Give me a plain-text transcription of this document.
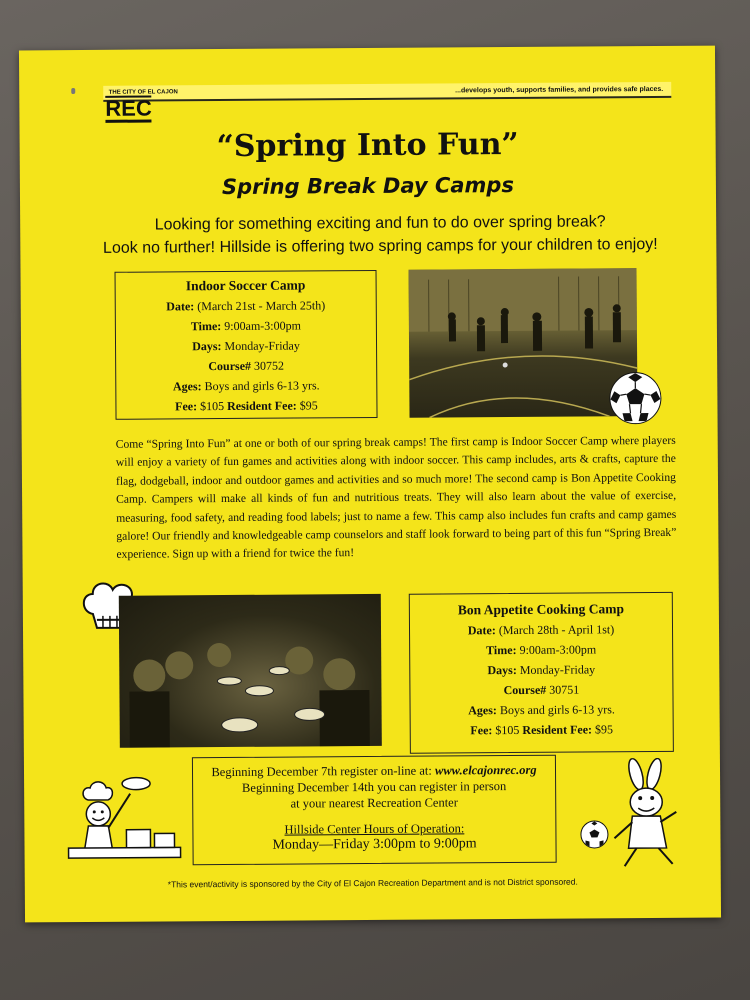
...develops youth, supports families, and provides safe places.
THE CITY OF EL CAJON
REC
“Spring Into Fun”
Spring Break Day Camps
Looking for something exciting and fun to do over spring break?
Look no further! Hillside is offering two spring camps for your children to enjoy!
Indoor Soccer Camp
Date: (March 21st - March 25th)
Time: 9:00am-3:00pm
Days: Monday-Friday
Course# 30752
Ages: Boys and girls 6-13 yrs.
Fee: $105 Resident Fee: $95
Come “Spring Into Fun” at one or both of our spring break camps! The first camp is Indoor Soccer Camp where players will enjoy a variety of fun games and activities along with indoor soccer. This camp includes, arts & crafts, capture the flag, dodgeball, indoor and outdoor games and activities and so much more! The second camp is Bon Appetite Cooking Camp. Campers will make all kinds of fun and nutritious treats. They will also learn about the value of exercise, measuring, food safety, and reading food labels; just to name a few. This camp also includes fun crafts and camp games galore! Our friendly and knowledgeable camp counselors and staff look forward to being part of this fun “Spring Break” experience. Sign up with a friend for twice the fun!
Bon Appetite Cooking Camp
Date: (March 28th - April 1st)
Time: 9:00am-3:00pm
Days: Monday-Friday
Course# 30751
Ages: Boys and girls 6-13 yrs.
Fee: $105 Resident Fee: $95
Beginning December 7th register on-line at: www.elcajonrec.org
Beginning December 14th you can register in person
at your nearest Recreation Center
Hillside Center Hours of Operation:
Monday—Friday 3:00pm to 9:00pm
*This event/activity is sponsored by the City of El Cajon Recreation Department and is not District sponsored.
